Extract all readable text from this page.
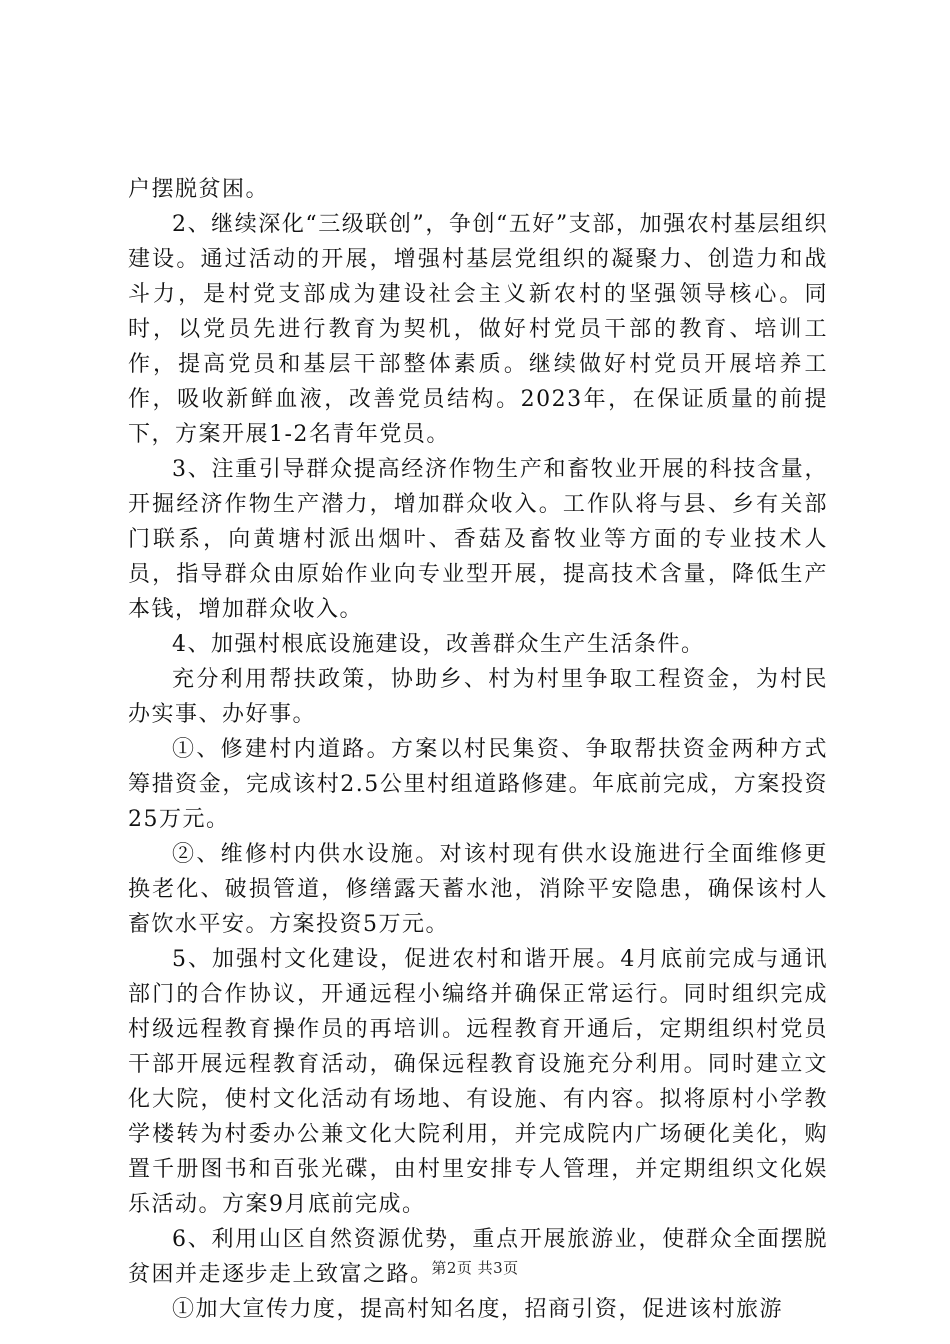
户摆脱贫困。

2、继续深化“三级联创”，争创“五好”支部，加强农村基层组织建设。通过活动的开展，增强村基层党组织的凝聚力、创造力和战斗力，是村党支部成为建设社会主义新农村的坚强领导核心。同时，以党员先进行教育为契机，做好村党员干部的教育、培训工作，提高党员和基层干部整体素质。继续做好村党员开展培养工作，吸收新鲜血液，改善党员结构。2023年，在保证质量的前提下，方案开展1-2名青年党员。

3、注重引导群众提高经济作物生产和畜牧业开展的科技含量，开掘经济作物生产潜力，增加群众收入。工作队将与县、乡有关部门联系，向黄塘村派出烟叶、香菇及畜牧业等方面的专业技术人员，指导群众由原始作业向专业型开展，提高技术含量，降低生产本钱，增加群众收入。

4、加强村根底设施建设，改善群众生产生活条件。

充分利用帮扶政策，协助乡、村为村里争取工程资金，为村民办实事、办好事。

①、修建村内道路。方案以村民集资、争取帮扶资金两种方式筹措资金，完成该村2.5公里村组道路修建。年底前完成，方案投资25万元。

②、维修村内供水设施。对该村现有供水设施进行全面维修更换老化、破损管道，修缮露天蓄水池，消除平安隐患，确保该村人畜饮水平安。方案投资5万元。

5、加强村文化建设，促进农村和谐开展。4月底前完成与通讯部门的合作协议，开通远程小编络并确保正常运行。同时组织完成村级远程教育操作员的再培训。远程教育开通后，定期组织村党员干部开展远程教育活动，确保远程教育设施充分利用。同时建立文化大院，使村文化活动有场地、有设施、有内容。拟将原村小学教学楼转为村委办公兼文化大院利用，并完成院内广场硬化美化，购置千册图书和百张光碟，由村里安排专人管理，并定期组织文化娱乐活动。方案9月底前完成。

6、利用山区自然资源优势，重点开展旅游业，使群众全面摆脱贫困并走逐步走上致富之路。

①加大宣传力度，提高村知名度，招商引资，促进该村旅游

第2页 共3页
